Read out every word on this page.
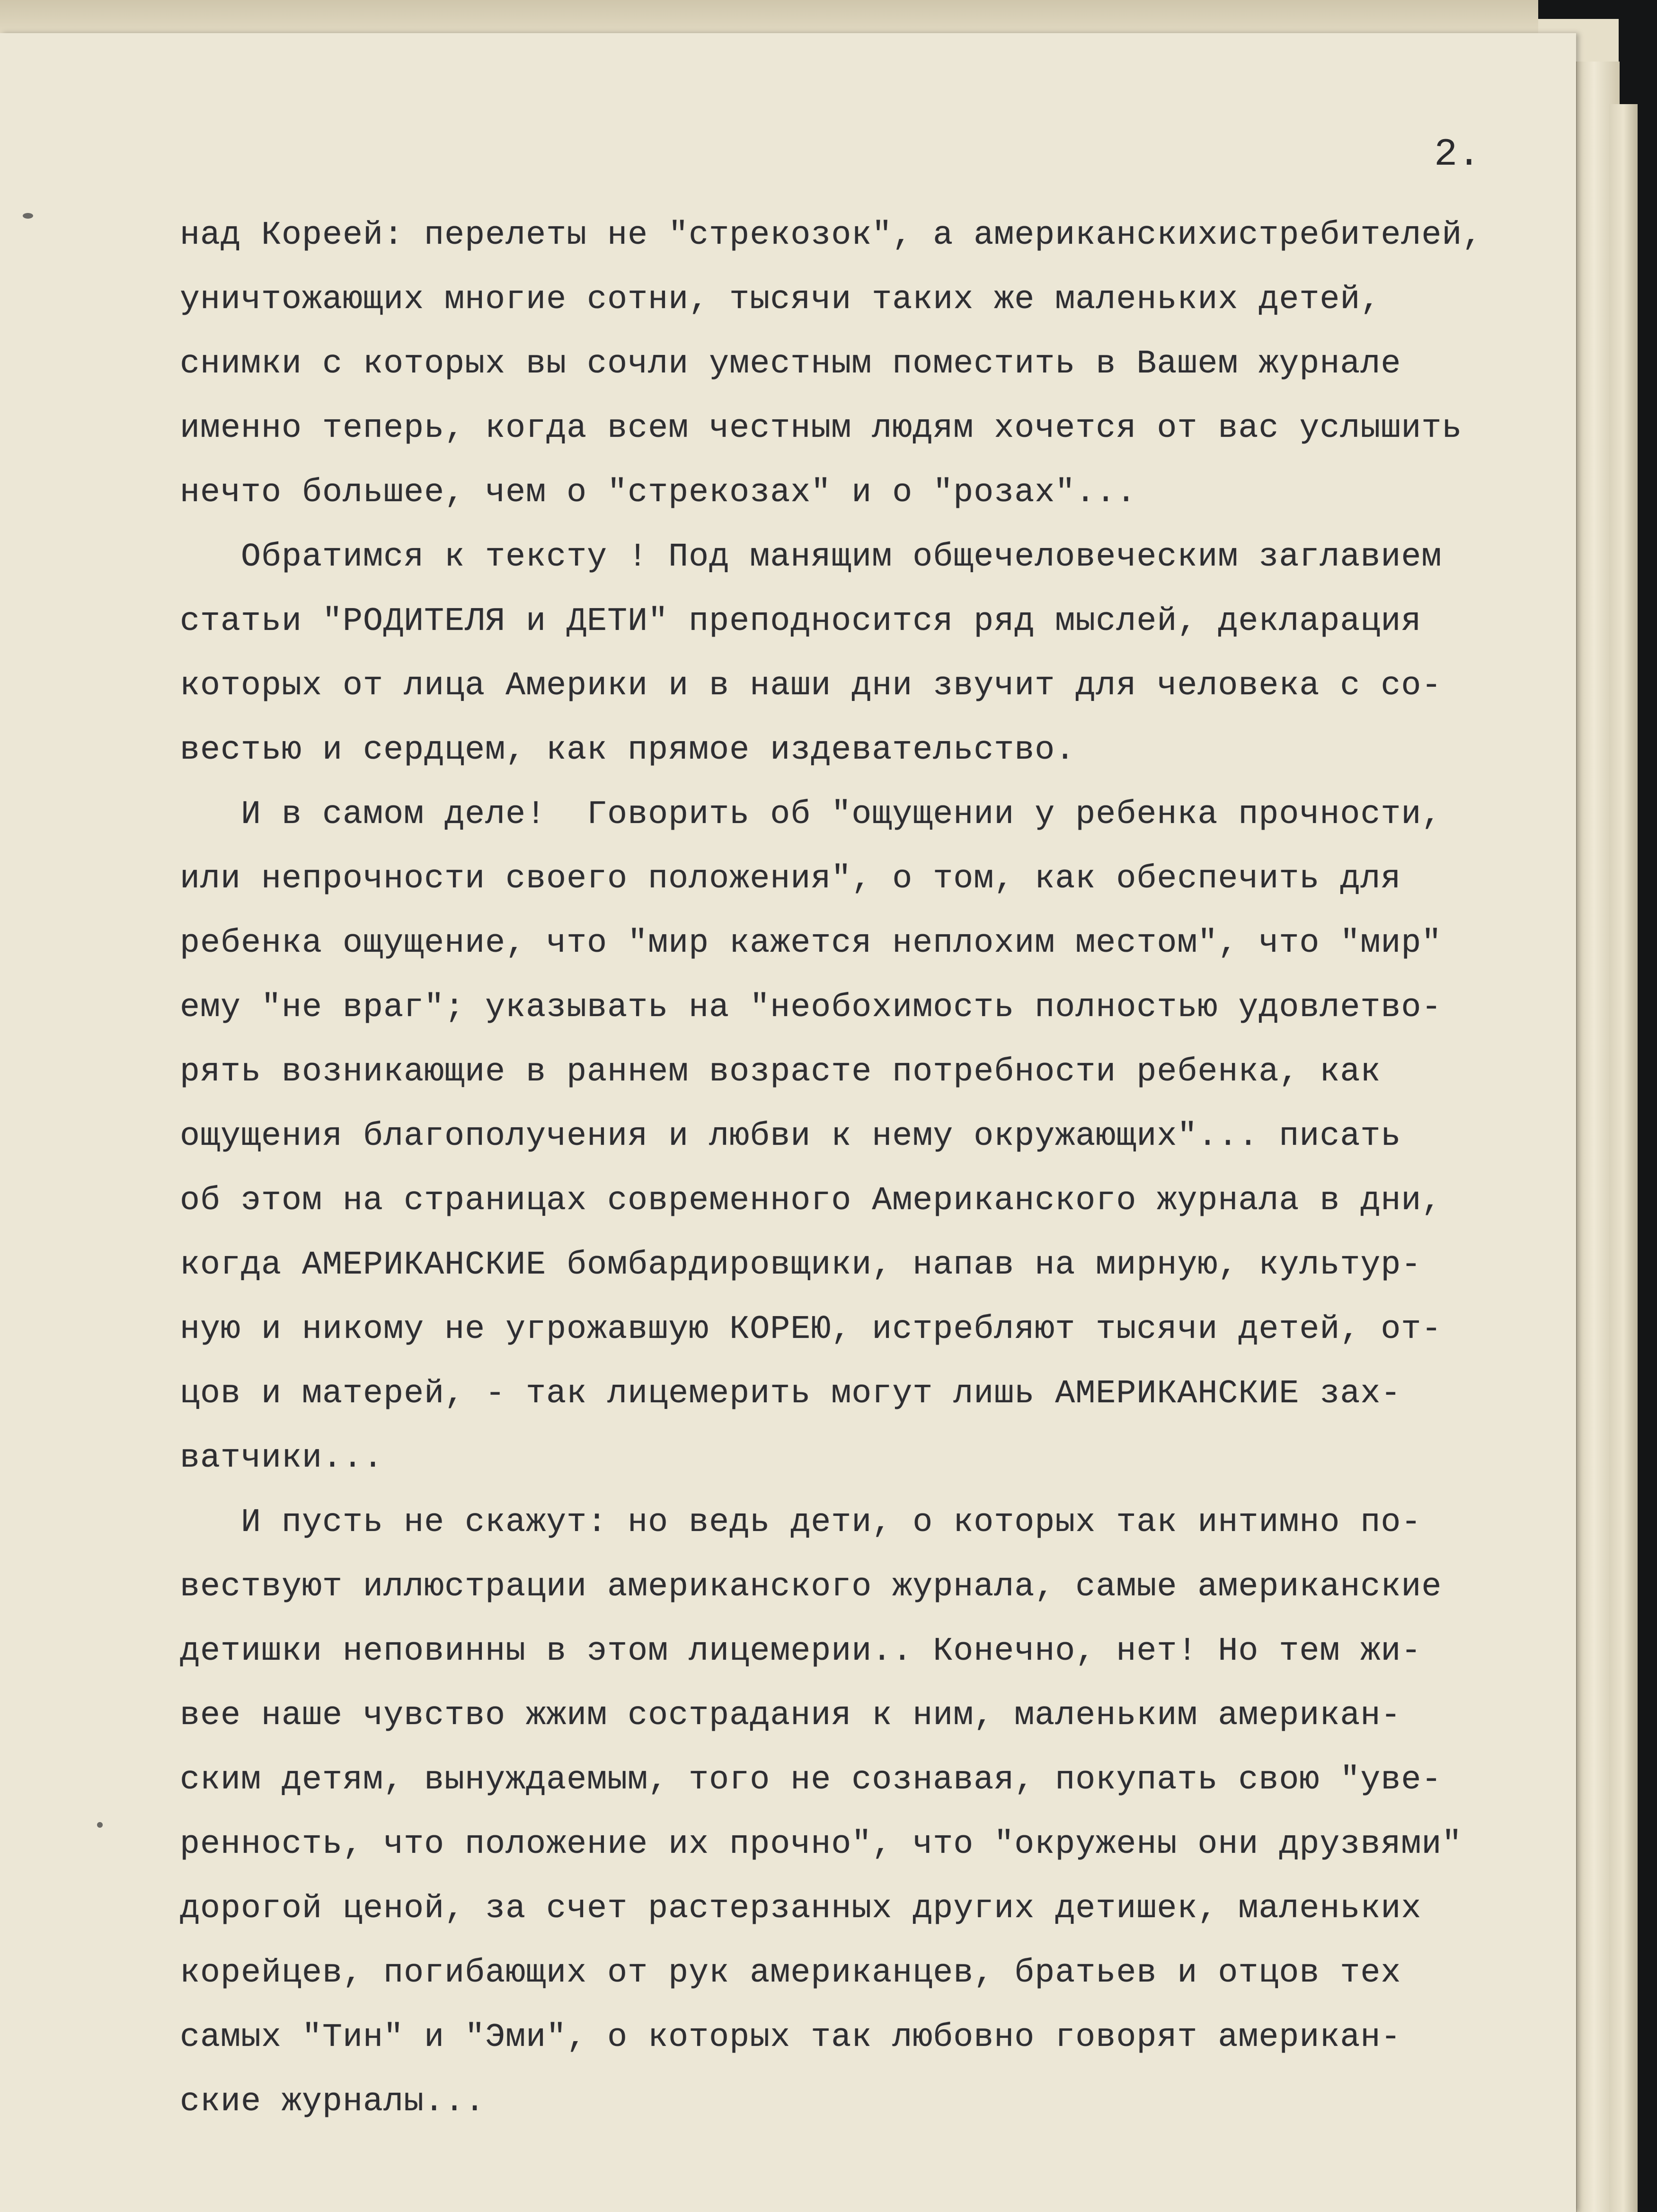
2.
над Кореей: перелеты не "стрекозок", а американскихистребителей,
уничтожающих многие сотни, тысячи таких же маленьких детей,
снимки с которых вы сочли уместным поместить в Вашем журнале
именно теперь, когда всем честным людям хочется от вас услышить
нечто большее, чем о "стрекозах" и о "розах"...
Обратимся к тексту ! Под манящим общечеловеческим заглавием
статьи "РОДИТЕЛЯ и ДЕТИ" преподносится ряд мыслей, декларация
которых от лица Америки и в наши дни звучит для человека с со-
вестью и сердцем, как прямое издевательство.
И в самом деле!  Говорить об "ощущении у ребенка прочности,
или непрочности своего положения", о том, как обеспечить для
ребенка ощущение, что "мир кажется неплохим местом", что "мир"
ему "не враг"; указывать на "необохимость полностью удовлетво-
рять возникающие в раннем возрасте потребности ребенка, как
ощущения благополучения и любви к нему окружающих"... писать
об этом на страницах современного Американского журнала в дни,
когда АМЕРИКАНСКИЕ бомбардировщики, напав на мирную, культур-
ную и никому не угрожавшую КОРЕЮ, истребляют тысячи детей, от-
цов и матерей, - так лицемерить могут лишь АМЕРИКАНСКИЕ зах-
ватчики...
И пусть не скажут: но ведь дети, о которых так интимно по-
вествуют иллюстрации американского журнала, самые американские
детишки неповинны в этом лицемерии.. Конечно, нет! Но тем жи-
вее наше чувство жжим сострадания к ним, маленьким американ-
ским детям, вынуждаемым, того не сознавая, покупать свою "уве-
ренность, что положение их прочно", что "окружены они друзвями"
дорогой ценой, за счет растерзанных других детишек, маленьких
корейцев, погибающих от рук американцев, братьев и отцов тех
самых "Тин" и "Эми", о которых так любовно говорят американ-
ские журналы...
